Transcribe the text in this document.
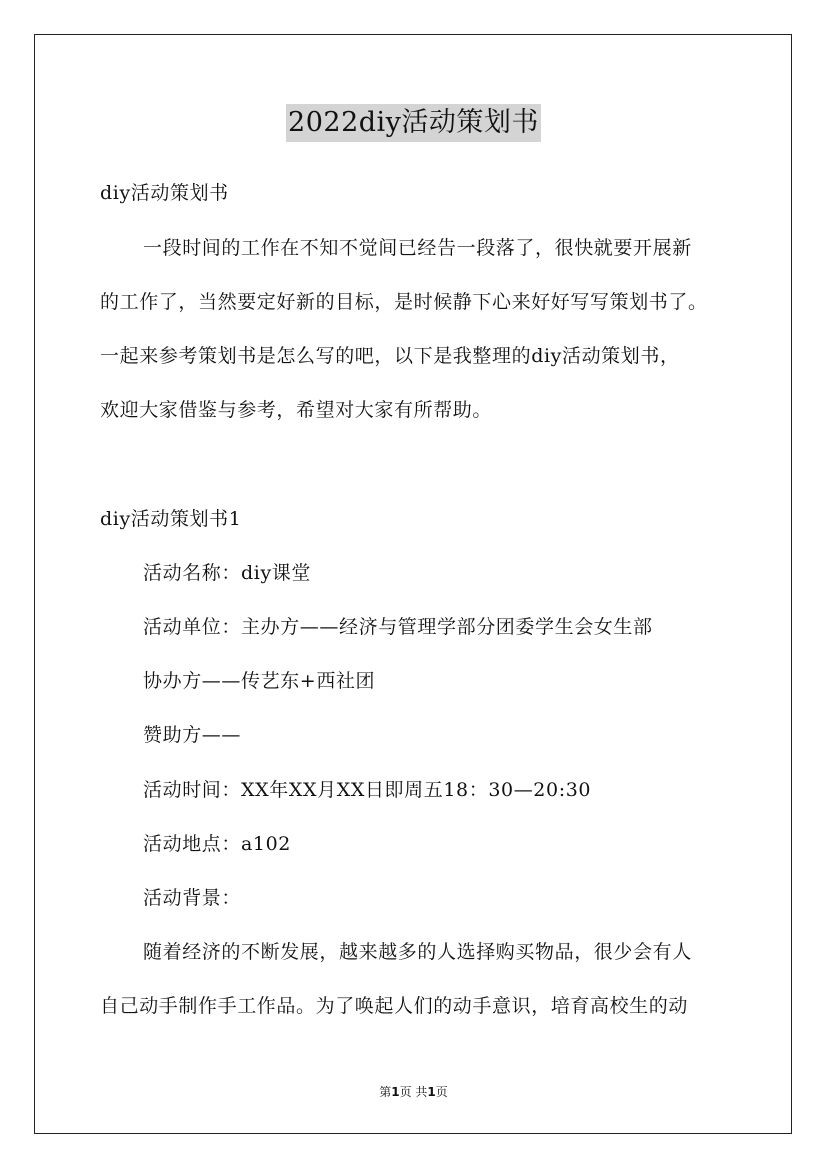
2022diy活动策划书
diy活动策划书
一段时间的工作在不知不觉间已经告一段落了，很快就要开展新
的工作了，当然要定好新的目标，是时候静下心来好好写写策划书了。
一起来参考策划书是怎么写的吧，以下是我整理的diy活动策划书，
欢迎大家借鉴与参考，希望对大家有所帮助。
diy活动策划书1
活动名称：diy课堂
活动单位：主办方——经济与管理学部分团委学生会女生部
协办方——传艺东+西社团
赞助方——
活动时间：XX年XX月XX日即周五18：30—20:30
活动地点：a102
活动背景：
随着经济的不断发展，越来越多的人选择购买物品，很少会有人
自己动手制作手工作品。为了唤起人们的动手意识，培育高校生的动
第1页 共1页
